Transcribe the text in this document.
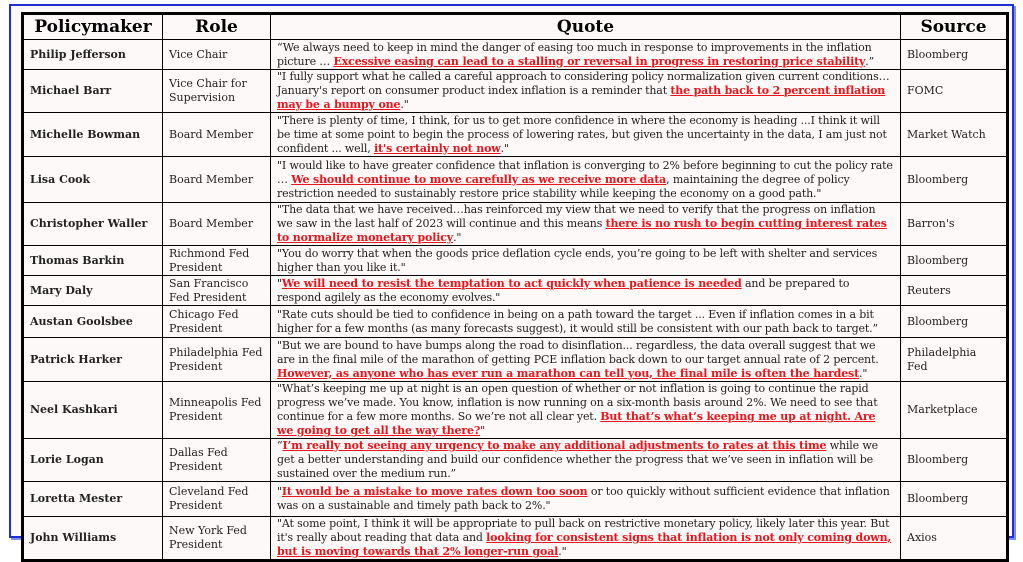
Policymaker	Role	Quote	Source
Philip Jefferson	Vice Chair	“We always need to keep in mind the danger of easing too much in response to improvements in the inflation picture … Excessive easing can lead to a stalling or reversal in progress in restoring price stability.”	Bloomberg
Michael Barr	Vice Chair for Supervision	"I fully support what he called a careful approach to considering policy normalization given current conditions… January's report on consumer product index inflation is a reminder that the path back to 2 percent inflation may be a bumpy one."	FOMC
Michelle Bowman	Board Member	"There is plenty of time, I think, for us to get more confidence in where the economy is heading ...I think it will be time at some point to begin the process of lowering rates, but given the uncertainty in the data, I am just not confident ... well, it's certainly not now."	Market Watch
Lisa Cook	Board Member	"I would like to have greater confidence that inflation is converging to 2% before beginning to cut the policy rate … We should continue to move carefully as we receive more data, maintaining the degree of policy restriction needed to sustainably restore price stability while keeping the economy on a good path."	Bloomberg
Christopher Waller	Board Member	"The data that we have received…has reinforced my view that we need to verify that the progress on inflation we saw in the last half of 2023 will continue and this means there is no rush to begin cutting interest rates to normalize monetary policy."	Barron's
Thomas Barkin	Richmond Fed President	"You do worry that when the goods price deflation cycle ends, you’re going to be left with shelter and services higher than you like it."	Bloomberg
Mary Daly	San Francisco Fed President	"We will need to resist the temptation to act quickly when patience is needed and be prepared to respond agilely as the economy evolves."	Reuters
Austan Goolsbee	Chicago Fed President	"Rate cuts should be tied to confidence in being on a path toward the target ... Even if inflation comes in a bit higher for a few months (as many forecasts suggest), it would still be consistent with our path back to target.”	Bloomberg
Patrick Harker	Philadelphia Fed President	"But we are bound to have bumps along the road to disinflation... regardless, the data overall suggest that we are in the final mile of the marathon of getting PCE inflation back down to our target annual rate of 2 percent. However, as anyone who has ever run a marathon can tell you, the final mile is often the hardest."	Philadelphia Fed
Neel Kashkari	Minneapolis Fed President	"What’s keeping me up at night is an open question of whether or not inflation is going to continue the rapid progress we’ve made. You know, inflation is now running on a six-month basis around 2%. We need to see that continue for a few more months. So we’re not all clear yet. But that’s what’s keeping me up at night. Are we going to get all the way there?"	Marketplace
Lorie Logan	Dallas Fed President	“I’m really not seeing any urgency to make any additional adjustments to rates at this time while we get a better understanding and build our confidence whether the progress that we’ve seen in inflation will be sustained over the medium run.”	Bloomberg
Loretta Mester	Cleveland Fed President	"It would be a mistake to move rates down too soon or too quickly without sufficient evidence that inflation was on a sustainable and timely path back to 2%."	Bloomberg
John Williams	New York Fed President	"At some point, I think it will be appropriate to pull back on restrictive monetary policy, likely later this year. But it's really about reading that data and looking for consistent signs that inflation is not only coming down, but is moving towards that 2% longer-run goal."	Axios
